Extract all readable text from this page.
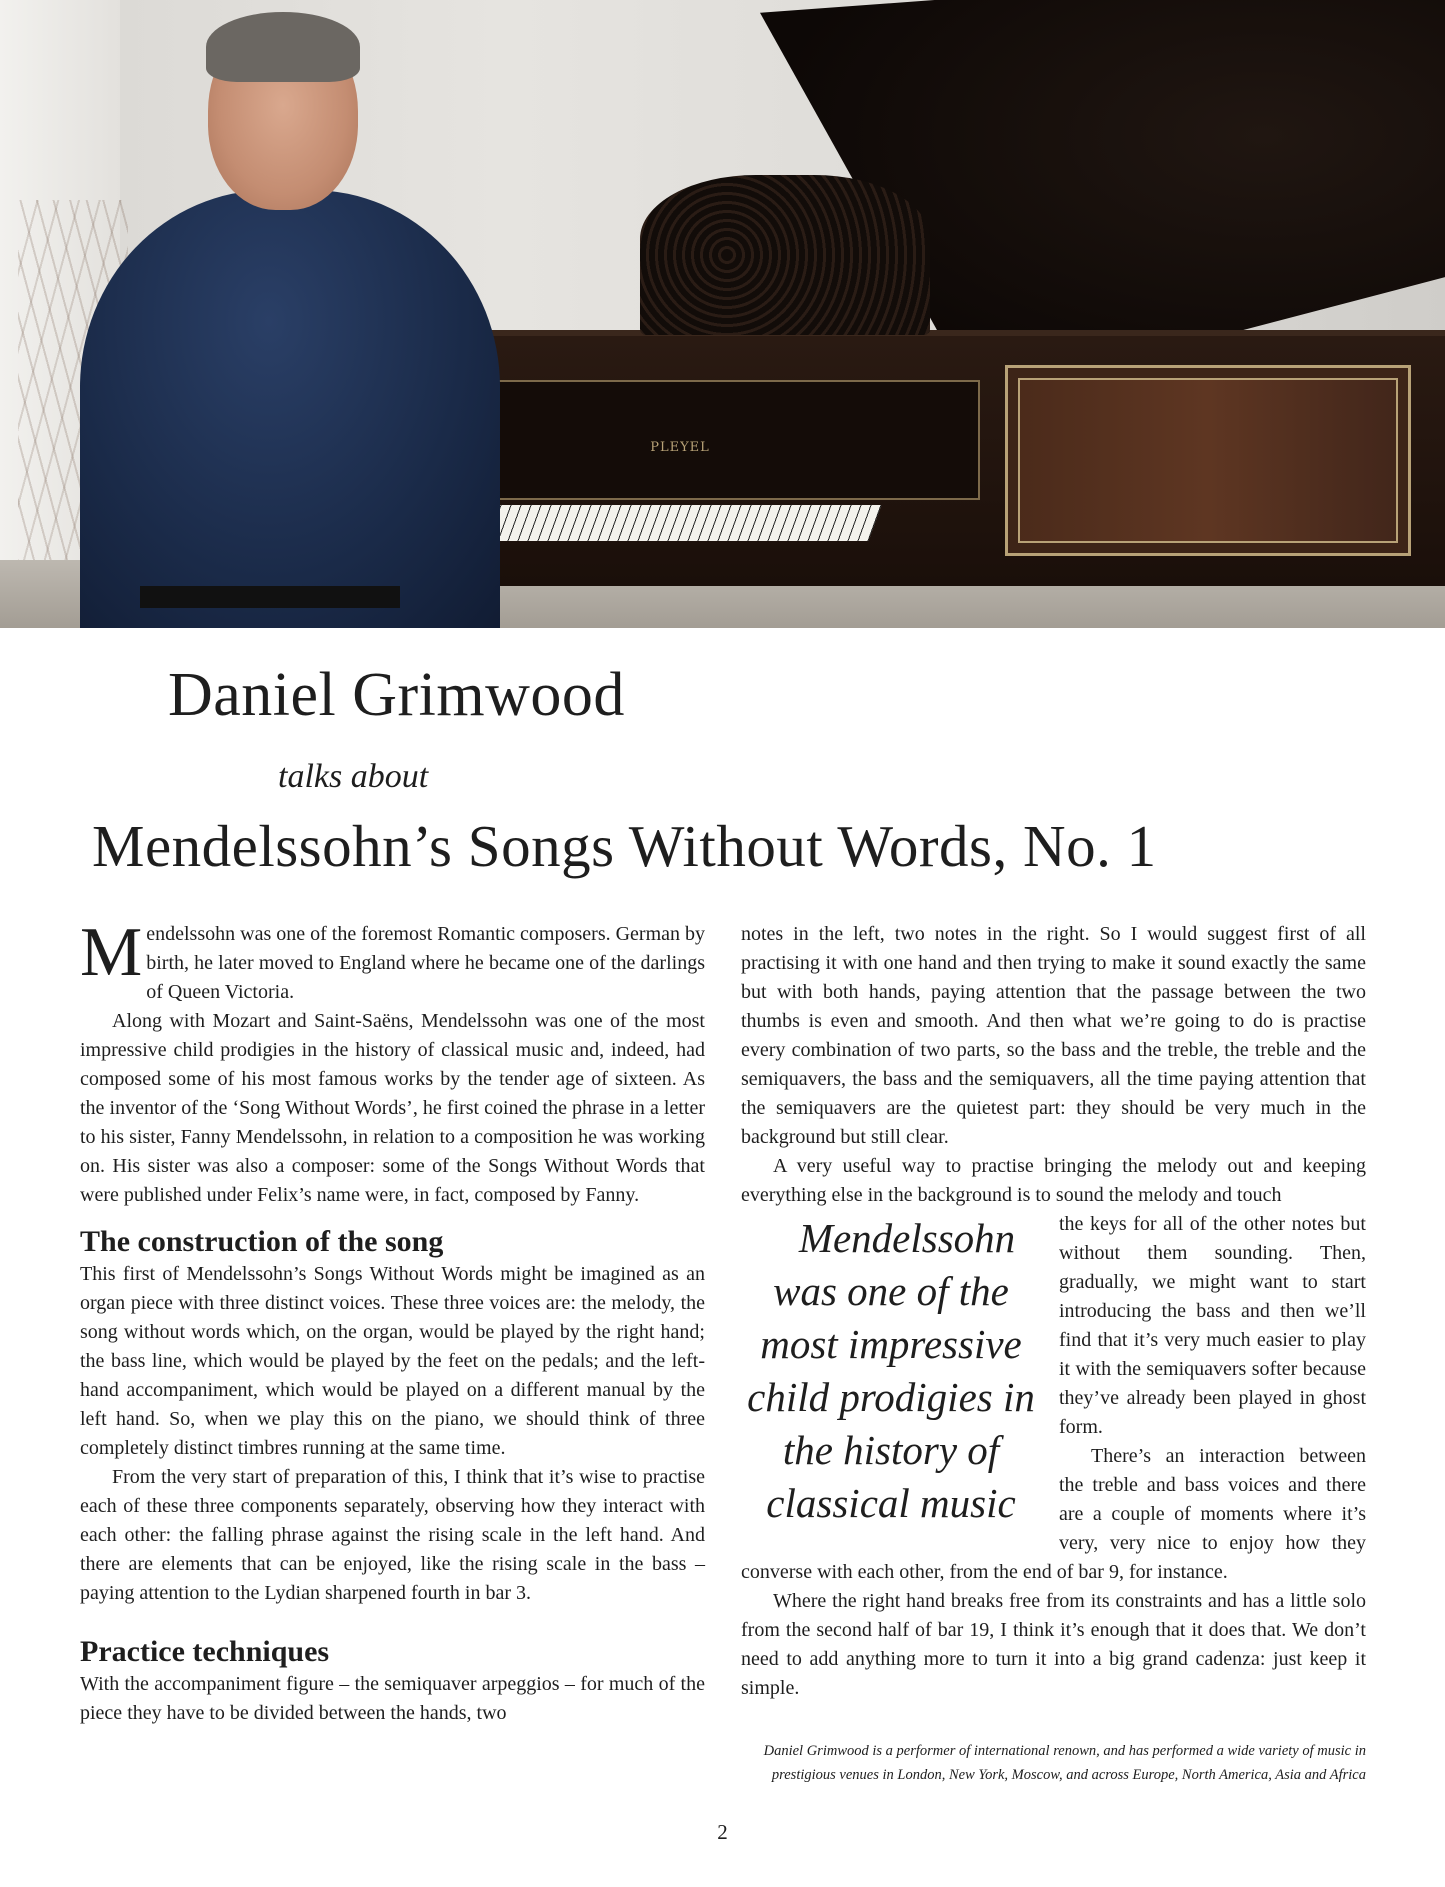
PLEYEL
Daniel Grimwood
talks about
Mendelssohn’s Songs Without Words, No. 1

Mendelssohn was one of the foremost Romantic composers. German by birth, he later moved to England where he became one of the darlings of Queen Victoria.

Along with Mozart and Saint-Saëns, Mendelssohn was one of the most impressive child prodigies in the history of classical music and, indeed, had composed some of his most famous works by the tender age of sixteen. As the inventor of the ‘Song Without Words’, he first coined the phrase in a letter to his sister, Fanny Mendelssohn, in relation to a composition he was working on. His sister was also a composer: some of the Songs Without Words that were published under Felix’s name were, in fact, composed by Fanny.

The construction of the song

This first of Mendelssohn’s Songs Without Words might be imagined as an organ piece with three distinct voices. These three voices are: the melody, the song without words which, on the organ, would be played by the right hand; the bass line, which would be played by the feet on the pedals; and the left-hand accompaniment, which would be played on a different manual by the left hand. So, when we play this on the piano, we should think of three completely distinct timbres running at the same time.

From the very start of preparation of this, I think that it’s wise to practise each of these three components separately, observing how they interact with each other: the falling phrase against the rising scale in the left hand. And there are elements that can be enjoyed, like the rising scale in the bass – paying attention to the Lydian sharpened fourth in bar 3.

Practice techniques

With the accompaniment figure – the semiquaver arpeggios – for much of the piece they have to be divided between the hands, two

notes in the left, two notes in the right. So I would suggest first of all practising it with one hand and then trying to make it sound exactly the same but with both hands, paying attention that the passage between the two thumbs is even and smooth. And then what we’re going to do is practise every combination of two parts, so the bass and the treble, the treble and the semiquavers, the bass and the semiquavers, all the time paying attention that the semiquavers are the quietest part: they should be very much in the background but still clear.

A very useful way to practise bringing the melody out and keeping everything else in the background is to sound the melody and touch

Mendelssohn was one of the most impressive child prodigies in the history of classical music
the keys for all of the other notes but without them sounding. Then, gradually, we might want to start introducing the bass and then we’ll find that it’s very much easier to play it with the semiquavers softer because they’ve already been played in ghost form.

There’s an interaction between the treble and bass voices and there are a couple of moments where it’s very, very nice to enjoy how they converse with each other, from the end of bar 9, for instance.

Where the right hand breaks free from its constraints and has a little solo from the second half of bar 19, I think it’s enough that it does that. We don’t need to add anything more to turn it into a big grand cadenza: just keep it simple.

Daniel Grimwood is a performer of international renown, and has performed a wide variety of music in prestigious venues in London, New York, Moscow, and across Europe, North America, Asia and Africa

2
